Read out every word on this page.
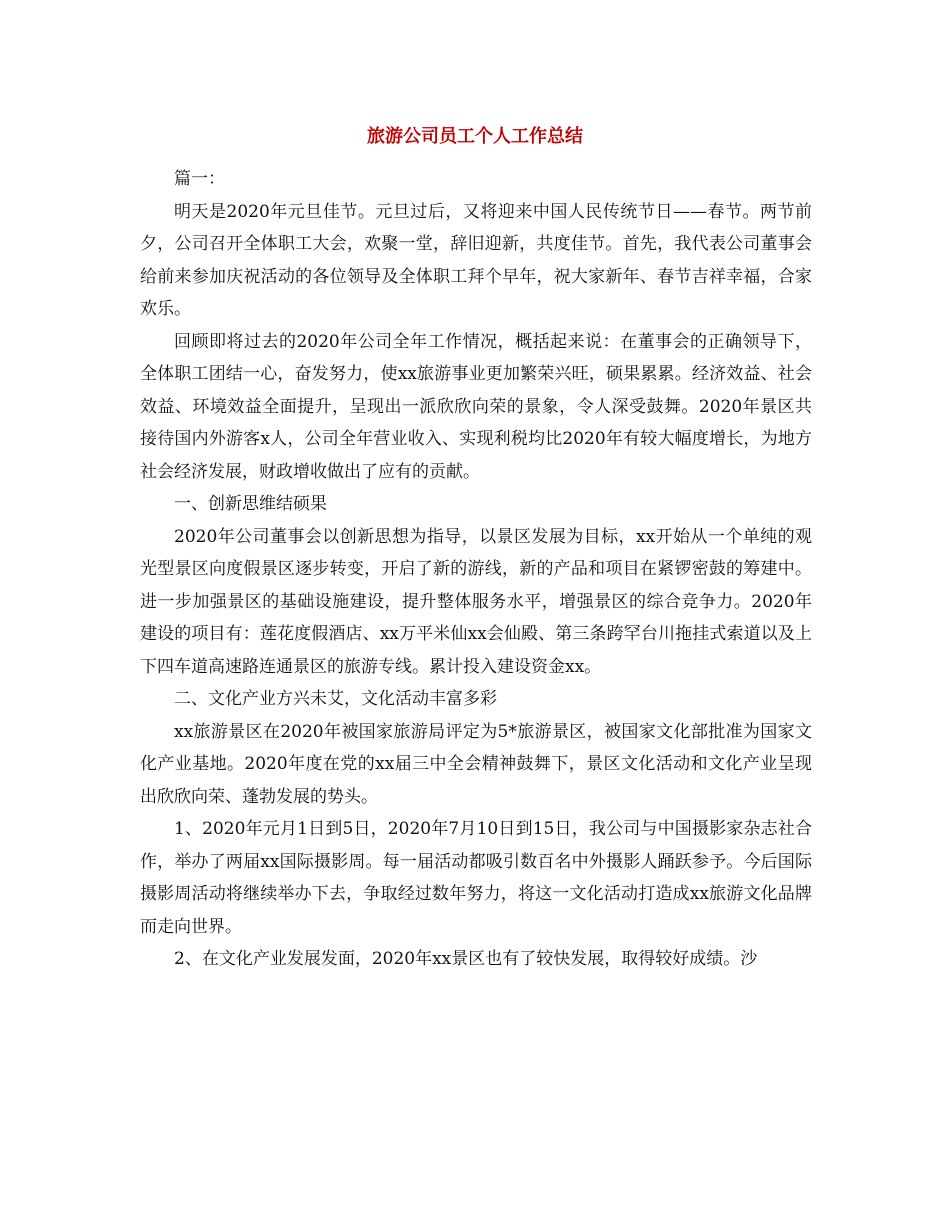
旅游公司员工个人工作总结

篇一：

明天是2020年元旦佳节。元旦过后，又将迎来中国人民传统节日——春节。两节前夕，公司召开全体职工大会，欢聚一堂，辞旧迎新，共度佳节。首先，我代表公司董事会给前来参加庆祝活动的各位领导及全体职工拜个早年，祝大家新年、春节吉祥幸福，合家欢乐。

回顾即将过去的2020年公司全年工作情况，概括起来说：在董事会的正确领导下，全体职工团结一心，奋发努力，使xx旅游事业更加繁荣兴旺，硕果累累。经济效益、社会效益、环境效益全面提升，呈现出一派欣欣向荣的景象，令人深受鼓舞。2020年景区共接待国内外游客x人，公司全年营业收入、实现利税均比2020年有较大幅度增长，为地方社会经济发展，财政增收做出了应有的贡献。

一、创新思维结硕果

2020年公司董事会以创新思想为指导，以景区发展为目标，xx开始从一个单纯的观光型景区向度假景区逐步转变，开启了新的游线，新的产品和项目在紧锣密鼓的筹建中。进一步加强景区的基础设施建设，提升整体服务水平，增强景区的综合竞争力。2020年建设的项目有：莲花度假酒店、xx万平米仙xx会仙殿、第三条跨罕台川拖挂式索道以及上下四车道高速路连通景区的旅游专线。累计投入建设资金xx。

二、文化产业方兴未艾，文化活动丰富多彩

xx旅游景区在2020年被国家旅游局评定为5*旅游景区，被国家文化部批准为国家文化产业基地。2020年度在党的xx届三中全会精神鼓舞下，景区文化活动和文化产业呈现出欣欣向荣、蓬勃发展的势头。

1、2020年元月1日到5日，2020年7月10日到15日，我公司与中国摄影家杂志社合作，举办了两届xx国际摄影周。每一届活动都吸引数百名中外摄影人踊跃参予。今后国际摄影周活动将继续举办下去，争取经过数年努力，将这一文化活动打造成xx旅游文化品牌而走向世界。

2、在文化产业发展发面，2020年xx景区也有了较快发展，取得较好成绩。沙
